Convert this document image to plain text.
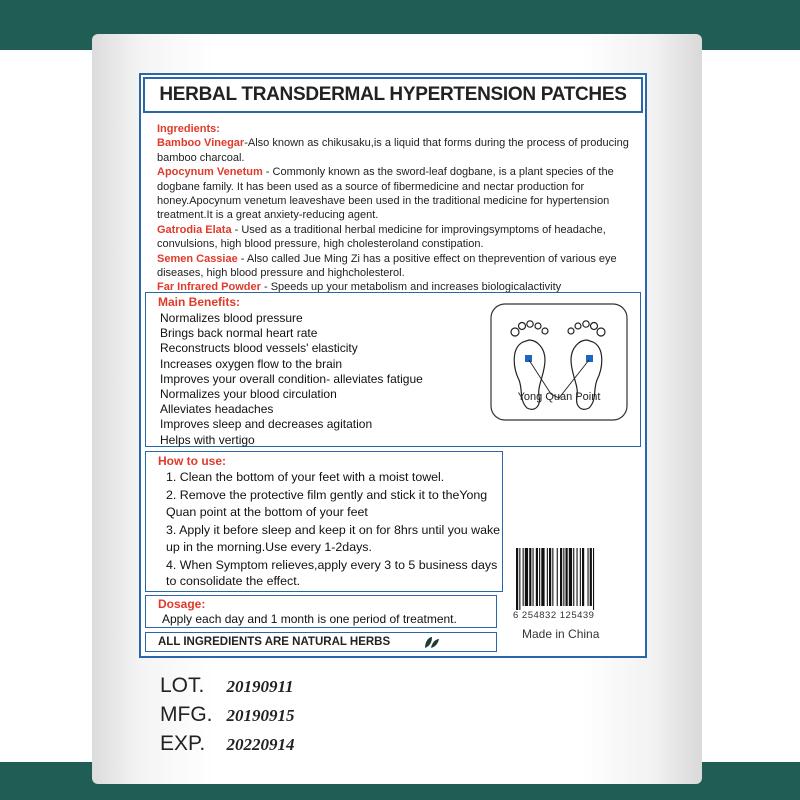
HERBAL TRANSDERMAL HYPERTENSION PATCHES
Ingredients:

Bamboo Vinegar-Also known as chikusaku,is a liquid that forms during the process of producing bamboo charcoal.

Apocynum Venetum - Commonly known as the sword-leaf dogbane, is a plant species of the dogbane family. It has been used as a source of fibermedicine and nectar production for honey.Apocynum venetum leaveshave been used in the traditional medicine for hypertension treatment.It is a great anxiety-reducing agent.

Gatrodia Elata - Used as a traditional herbal medicine for improvingsymptoms of headache, convulsions, high blood pressure, high cholesteroland constipation.

Semen Cassiae - Also called Jue Ming Zi has a positive effect on theprevention of various eye diseases, high blood pressure and highcholesterol.

Far Infrared Powder - Speeds up your metabolism and increases biologicalactivity

Main Benefits:
Normalizes blood pressure
Brings back normal heart rate
Reconstructs blood vessels' elasticity
Increases oxygen flow to the brain
Improves your overall condition- alleviates fatigue
Normalizes your blood circulation
Alleviates headaches
Improves sleep and decreases agitation
Helps with vertigo
Yong Quan Point
How to use:
1. Clean the bottom of your feet with a moist towel.
2. Remove the protective film gently and stick it to theYong Quan point at the bottom of your feet
3. Apply it before sleep and keep it on for 8hrs until you wake up in the morning.Use every 1-2days.
4. When Symptom relieves,apply every 3 to 5 business days to consolidate the effect.
Dosage:
Apply each day and 1 month is one period of treatment.
ALL INGREDIENTS ARE NATURAL HERBS
6 254832 125439
Made in China
LOT. 20190911
MFG. 20190915
EXP. 20220914
